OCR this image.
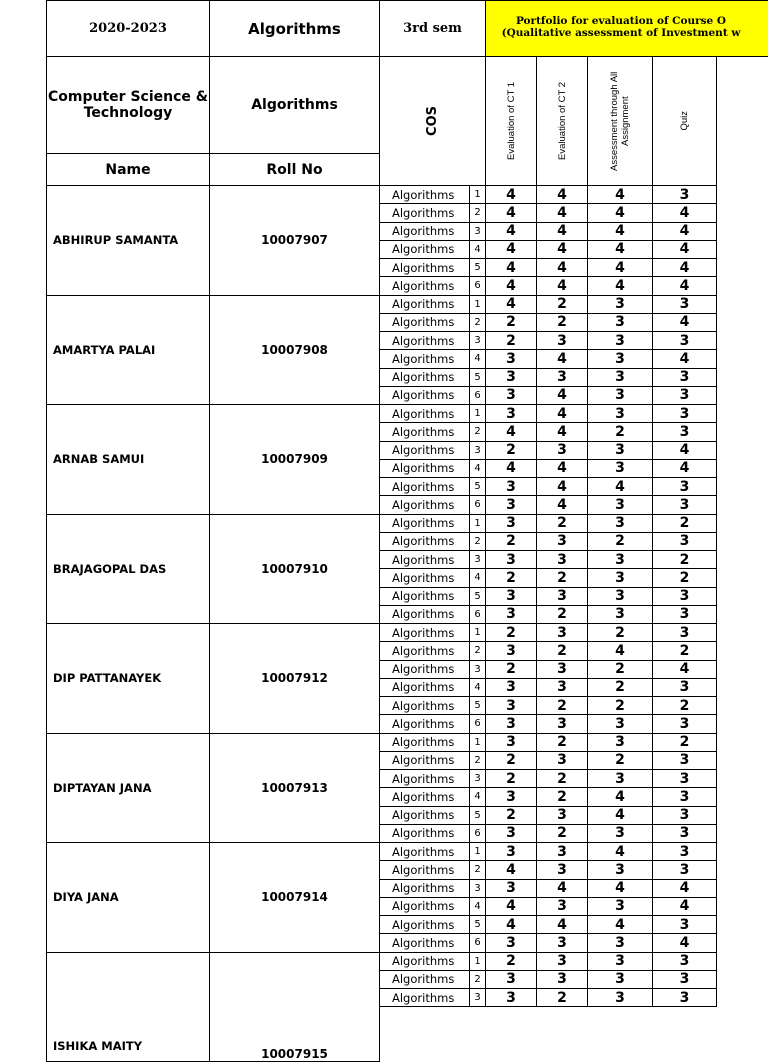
2020-2023	Algorithms	3rd sem	Portfolio for evaluation of Course O
(Qualitative assessment of Investment w
Computer Science & Technology	Algorithms
COS	Evaluation of CT 1	Evaluation of CT 2	Assessment through All Assignment	Quiz
Name	Roll No
ABHIRUP SAMANTA	10007907
Algorithms	1	4	4	4	3
Algorithms	2	4	4	4	4
Algorithms	3	4	4	4	4
Algorithms	4	4	4	4	4
Algorithms	5	4	4	4	4
Algorithms	6	4	4	4	4
AMARTYA PALAI	10007908
Algorithms	1	4	2	3	3
Algorithms	2	2	2	3	4
Algorithms	3	2	3	3	3
Algorithms	4	3	4	3	4
Algorithms	5	3	3	3	3
Algorithms	6	3	4	3	3
ARNAB SAMUI	10007909
Algorithms	1	3	4	3	3
Algorithms	2	4	4	2	3
Algorithms	3	2	3	3	4
Algorithms	4	4	4	3	4
Algorithms	5	3	4	4	3
Algorithms	6	3	4	3	3
BRAJAGOPAL DAS	10007910
Algorithms	1	3	2	3	2
Algorithms	2	2	3	2	3
Algorithms	3	3	3	3	2
Algorithms	4	2	2	3	2
Algorithms	5	3	3	3	3
Algorithms	6	3	2	3	3
DIP PATTANAYEK	10007912
Algorithms	1	2	3	2	3
Algorithms	2	3	2	4	2
Algorithms	3	2	3	2	4
Algorithms	4	3	3	2	3
Algorithms	5	3	2	2	2
Algorithms	6	3	3	3	3
DIPTAYAN JANA	10007913
Algorithms	1	3	2	3	2
Algorithms	2	2	3	2	3
Algorithms	3	2	2	3	3
Algorithms	4	3	2	4	3
Algorithms	5	2	3	4	3
Algorithms	6	3	2	3	3
DIYA JANA	10007914
Algorithms	1	3	3	4	3
Algorithms	2	4	3	3	3
Algorithms	3	3	4	4	4
Algorithms	4	4	3	3	4
Algorithms	5	4	4	4	3
Algorithms	6	3	3	3	4
ISHIKA MAITY
10007915
Algorithms	1	2	3	3	3
Algorithms	2	3	3	3	3
Algorithms	3	3	2	3	3
